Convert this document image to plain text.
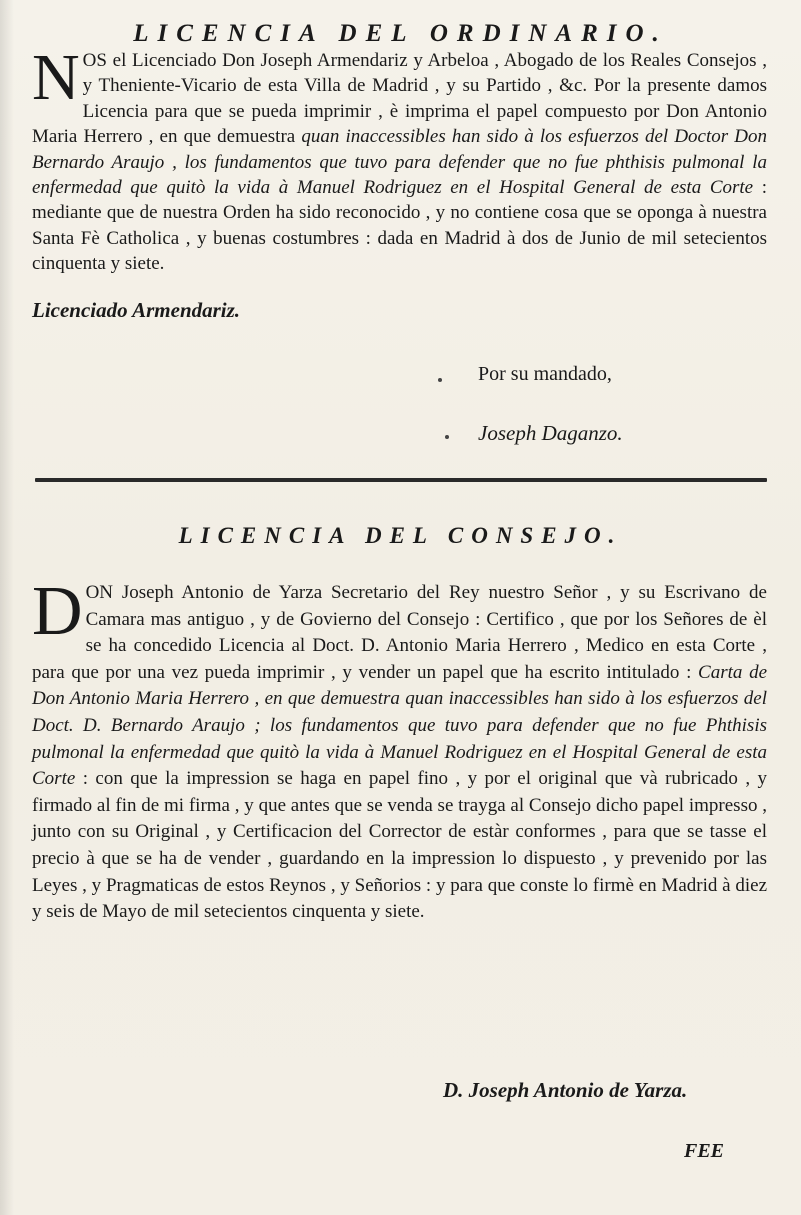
LICENCIA DEL ORDINARIO.
NOS el Licenciado Don Joseph Armendariz y Arbeloa , Abogado de los Reales Consejos , y Theniente-Vicario de esta Villa de Madrid , y su Partido , &c. Por la presente damos Licencia para que se pueda imprimir , è imprima el papel compuesto por Don Antonio Maria Herrero , en que demuestra quan inaccessibles han sido à los esfuerzos del Doctor Don Bernardo Araujo , los fundamentos que tuvo para defender que no fue phthisis pulmonal la enfermedad que quitò la vida à Manuel Rodriguez en el Hospital General de esta Corte : mediante que de nuestra Orden ha sido reconocido , y no contiene cosa que se oponga à nuestra Santa Fè Catholica , y buenas costumbres : dada en Madrid à dos de Junio de mil setecientos cinquenta y siete.
Licenciado Armendariz.
Por su mandado,
Joseph Daganzo.
LICENCIA DEL CONSEJO.
DON Joseph Antonio de Yarza Secretario del Rey nuestro Señor , y su Escrivano de Camara mas antiguo , y de Govierno del Consejo : Certifico , que por los Señores de èl se ha concedido Licencia al Doct. D. Antonio Maria Herrero , Medico en esta Corte , para que por una vez pueda imprimir , y vender un papel que ha escrito intitulado : Carta de Don Antonio Maria Herrero , en que demuestra quan inaccessibles han sido à los esfuerzos del Doct. D. Bernardo Araujo ; los fundamentos que tuvo para defender que no fue Phthisis pulmonal la enfermedad que quitò la vida à Manuel Rodriguez en el Hospital General de esta Corte : con que la impression se haga en papel fino , y por el original que và rubricado , y firmado al fin de mi firma , y que antes que se venda se trayga al Consejo dicho papel impresso , junto con su Original , y Certificacion del Corrector de estàr conformes , para que se tasse el precio à que se ha de vender , guardando en la impression lo dispuesto , y prevenido por las Leyes , y Pragmaticas de estos Reynos , y Señorios : y para que conste lo firmè en Madrid à diez y seis de Mayo de mil setecientos cinquenta y siete.
D. Joseph Antonio de Yarza.
FEE
